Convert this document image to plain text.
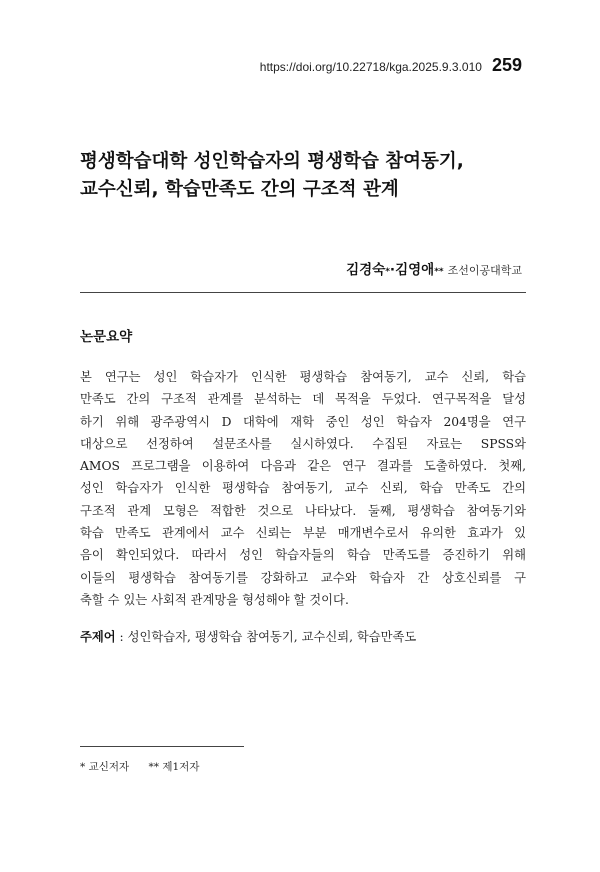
https://doi.org/10.22718/kga.2025.9.3.010 259
평생학습대학 성인학습자의 평생학습 참여동기,
교수신뢰, 학습만족도 간의 구조적 관계
김경숙 * · 김영애 ** 조선이공대학교
논문요약

본 연구는 성인 학습자가 인식한 평생학습 참여동기, 교수 신뢰, 학습
만족도 간의 구조적 관계를 분석하는 데 목적을 두었다. 연구목적을 달성
하기 위해 광주광역시 D 대학에 재학 중인 성인 학습자 204명을 연구
대상으로 선정하여 설문조사를 실시하였다. 수집된 자료는 SPSS와
AMOS 프로그램을 이용하여 다음과 같은 연구 결과를 도출하였다. 첫째,
성인 학습자가 인식한 평생학습 참여동기, 교수 신뢰, 학습 만족도 간의
구조적 관계 모형은 적합한 것으로 나타났다. 둘째, 평생학습 참여동기와
학습 만족도 관계에서 교수 신뢰는 부분 매개변수로서 유의한 효과가 있
음이 확인되었다. 따라서 성인 학습자들의 학습 만족도를 증진하기 위해
이들의 평생학습 참여동기를 강화하고 교수와 학습자 간 상호신뢰를 구
축할 수 있는 사회적 관계망을 형성해야 할 것이다.

주제어 : 성인학습자, 평생학습 참여동기, 교수신뢰, 학습만족도
* 교신저자 ** 제1저자
